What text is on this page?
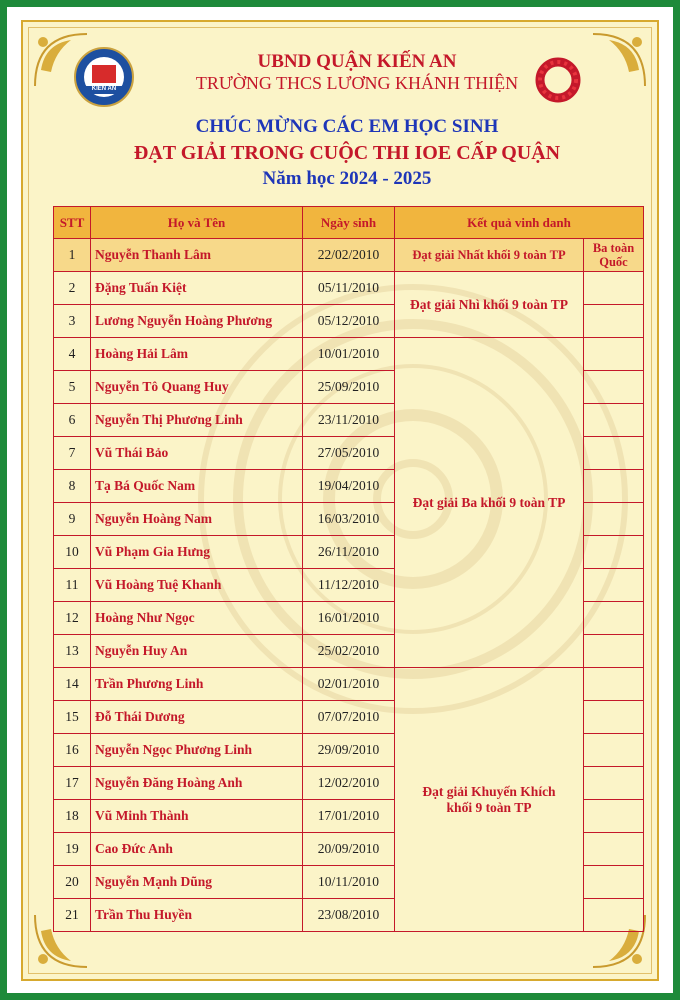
KIẾN AN
UBND QUẬN KIẾN AN
TRƯỜNG THCS LƯƠNG KHÁNH THIỆN
CHÚC MỪNG CÁC EM HỌC SINH
ĐẠT GIẢI TRONG CUỘC THI IOE CẤP QUẬN
Năm học 2024 - 2025
STT	Họ và Tên	Ngày sinh	Kết quả vinh danh	
1	Nguyễn Thanh Lâm	22/02/2010	Đạt giải Nhất khối 9 toàn TP	Ba toàn Quốc
2	Đặng Tuấn Kiệt	05/11/2010	Đạt giải Nhì khối 9 toàn TP	
3	Lương Nguyễn Hoàng Phương	05/12/2010		
4	Hoàng Hải Lâm	10/01/2010	Đạt giải Ba khối 9 toàn TP	
5	Nguyễn Tô Quang Huy	25/09/2010		
6	Nguyễn Thị Phương Linh	23/11/2010		
7	Vũ Thái Bảo	27/05/2010		
8	Tạ Bá Quốc Nam	19/04/2010		
9	Nguyễn Hoàng Nam	16/03/2010		
10	Vũ Phạm Gia Hưng	26/11/2010		
11	Vũ Hoàng Tuệ Khanh	11/12/2010		
12	Hoàng Như Ngọc	16/01/2010		
13	Nguyễn Huy An	25/02/2010		
14	Trần Phương Linh	02/01/2010	Đạt giải Khuyến Khích khối 9 toàn TP	
15	Đỗ Thái Dương	07/07/2010		
16	Nguyễn Ngọc Phương Linh	29/09/2010		
17	Nguyễn Đăng Hoàng Anh	12/02/2010		
18	Vũ Minh Thành	17/01/2010		
19	Cao Đức Anh	20/09/2010		
20	Nguyễn Mạnh Dũng	10/11/2010		
21	Trần Thu Huyền	23/08/2010		
